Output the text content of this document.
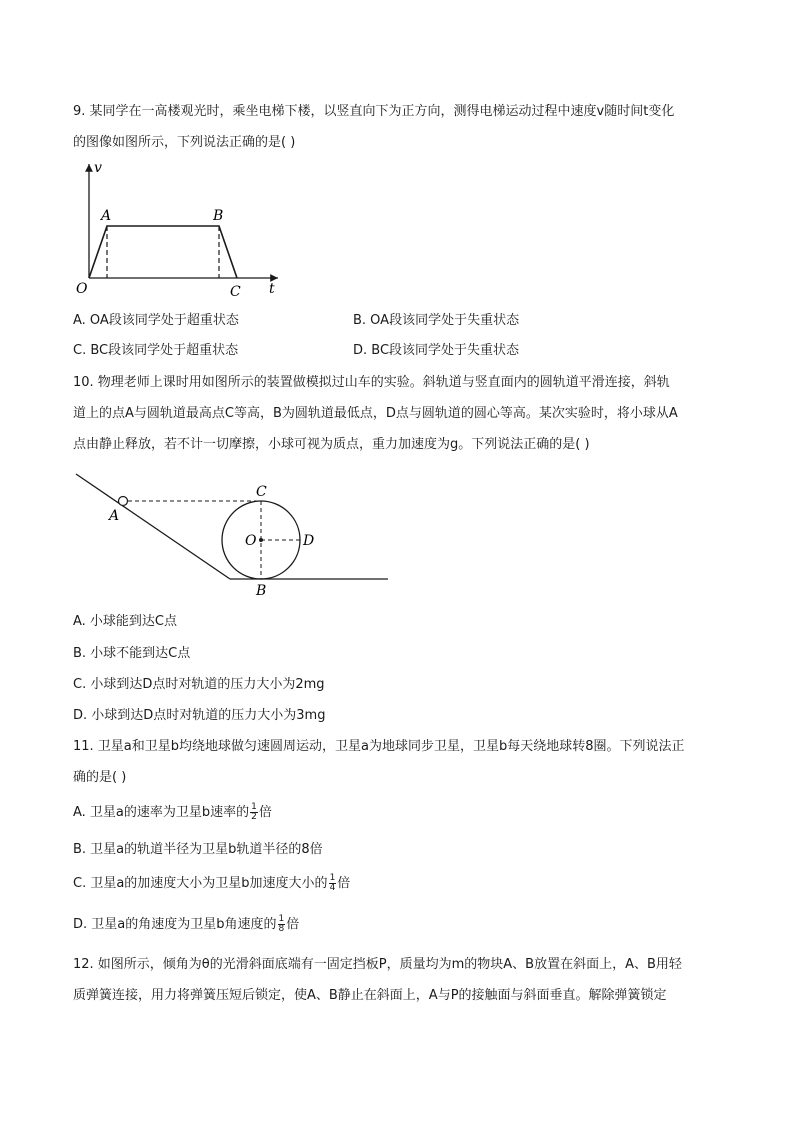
9. 某同学在一高楼观光时，乘坐电梯下楼，以竖直向下为正方向，测得电梯运动过程中速度v随时间t变化
的图像如图所示，下列说法正确的是( )
v
t
O
A	B
C
A. OA段该同学处于超重状态	B. OA段该同学处于失重状态
C. BC段该同学处于超重状态	D. BC段该同学处于失重状态
10. 物理老师上课时用如图所示的装置做模拟过山车的实验。斜轨道与竖直面内的圆轨道平滑连接，斜轨
道上的点A与圆轨道最高点C等高，B为圆轨道最低点，D点与圆轨道的圆心等高。某次实验时，将小球从A
点由静止释放，若不计一切摩擦，小球可视为质点，重力加速度为g。下列说法正确的是( )
A
C
O	D
B
A. 小球能到达C点
B. 小球不能到达C点
C. 小球到达D点时对轨道的压力大小为2mg
D. 小球到达D点时对轨道的压力大小为3mg
11. 卫星a和卫星b均绕地球做匀速圆周运动，卫星a为地球同步卫星，卫星b每天绕地球转8圈。下列说法正
确的是( )
A. 卫星a的速率为卫星b速率的 $\frac{1}{2}$ 倍
B. 卫星a的轨道半径为卫星b轨道半径的8倍
C. 卫星a的加速度大小为卫星b加速度大小的 $\frac{1}{4}$ 倍
D. 卫星a的角速度为卫星b角速度的 $\frac{1}{8}$ 倍
12. 如图所示，倾角为θ的光滑斜面底端有一固定挡板P，质量均为m的物块A、B放置在斜面上，A、B用轻
质弹簧连接，用力将弹簧压短后锁定，使A、B静止在斜面上，A与P的接触面与斜面垂直。解除弹簧锁定
